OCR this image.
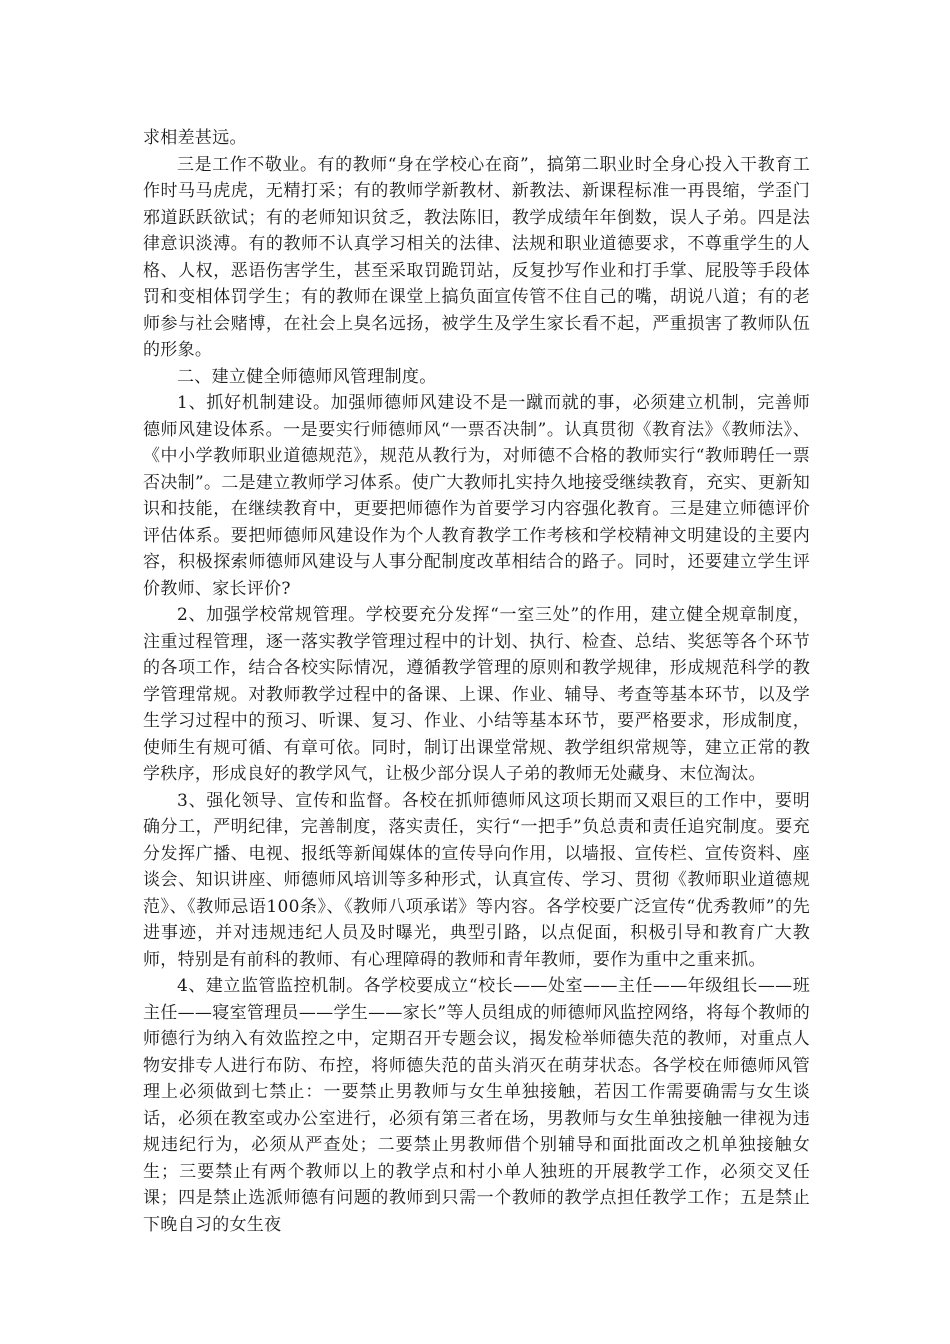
求相差甚远。

三是工作不敬业。有的教师“身在学校心在商”，搞第二职业时全身心投入干教育工作时马马虎虎，无精打采；有的教师学新教材、新教法、新课程标准一再畏缩，学歪门邪道跃跃欲试；有的老师知识贫乏，教法陈旧，教学成绩年年倒数，误人子弟。四是法律意识淡溥。有的教师不认真学习相关的法律、法规和职业道德要求，不尊重学生的人格、人权，恶语伤害学生，甚至采取罚跪罚站，反复抄写作业和打手掌、屁股等手段体罚和变相体罚学生；有的教师在课堂上搞负面宣传管不住自己的嘴，胡说八道；有的老师参与社会赌博，在社会上臭名远扬，被学生及学生家长看不起，严重损害了教师队伍的形象。

二、建立健全师德师风管理制度。

1、抓好机制建设。加强师德师风建设不是一蹴而就的事，必须建立机制，完善师德师风建设体系。一是要实行师德师风“一票否决制”。认真贯彻《教育法》《教师法》、《中小学教师职业道德规范》，规范从教行为，对师德不合格的教师实行“教师聘任一票否决制”。二是建立教师学习体系。使广大教师扎实持久地接受继续教育，充实、更新知识和技能，在继续教育中，更要把师德作为首要学习内容强化教育。三是建立师德评价评估体系。要把师德师风建设作为个人教育教学工作考核和学校精神文明建设的主要内容，积极探索师德师风建设与人事分配制度改革相结合的路子。同时，还要建立学生评价教师、家长评价?

2、加强学校常规管理。学校要充分发挥“一室三处”的作用，建立健全规章制度，注重过程管理，逐一落实教学管理过程中的计划、执行、检查、总结、奖惩等各个环节的各项工作，结合各校实际情况，遵循教学管理的原则和教学规律，形成规范科学的教学管理常规。对教师教学过程中的备课、上课、作业、辅导、考查等基本环节，以及学生学习过程中的预习、听课、复习、作业、小结等基本环节，要严格要求，形成制度，使师生有规可循、有章可依。同时，制订出课堂常规、教学组织常规等，建立正常的教学秩序，形成良好的教学风气，让极少部分误人子弟的教师无处藏身、末位淘汰。

3、强化领导、宣传和监督。各校在抓师德师风这项长期而又艰巨的工作中，要明确分工，严明纪律，完善制度，落实责任，实行“一把手”负总责和责任追究制度。要充分发挥广播、电视、报纸等新闻媒体的宣传导向作用，以墙报、宣传栏、宣传资料、座谈会、知识讲座、师德师风培训等多种形式，认真宣传、学习、贯彻《教师职业道德规范》、《教师忌语100条》、《教师八项承诺》等内容。各学校要广泛宣传“优秀教师”的先进事迹，并对违规违纪人员及时曝光，典型引路，以点促面，积极引导和教育广大教师，特别是有前科的教师、有心理障碍的教师和青年教师，要作为重中之重来抓。

4、建立监管监控机制。各学校要成立“校长——处室——主任——年级组长——班主任——寝室管理员——学生——家长”等人员组成的师德师风监控网络，将每个教师的师德行为纳入有效监控之中，定期召开专题会议，揭发检举师德失范的教师，对重点人物安排专人进行布防、布控，将师德失范的苗头消灭在萌芽状态。各学校在师德师风管理上必须做到七禁止：一要禁止男教师与女生单独接触，若因工作需要确需与女生谈话，必须在教室或办公室进行，必须有第三者在场，男教师与女生单独接触一律视为违规违纪行为，必须从严查处；二要禁止男教师借个别辅导和面批面改之机单独接触女生；三要禁止有两个教师以上的教学点和村小单人独班的开展教学工作，必须交叉任课；四是禁止选派师德有问题的教师到只需一个教师的教学点担任教学工作；五是禁止下晚自习的女生夜
